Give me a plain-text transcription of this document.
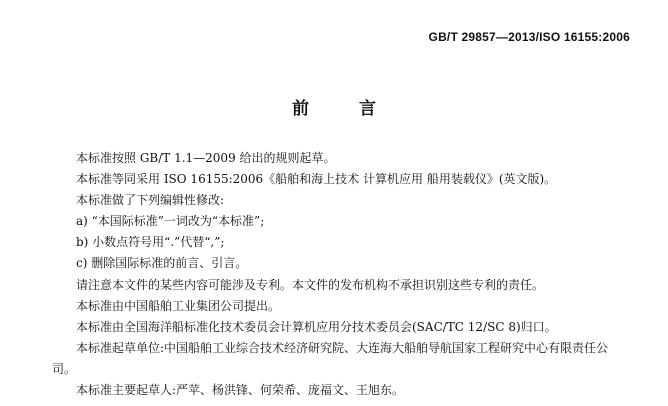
GB/T 29857—2013/ISO 16155:2006
前 言

本标准按照 GB/T 1.1—2009 给出的规则起草。

本标准等同采用 ISO 16155:2006《船舶和海上技术 计算机应用 船用装载仪》(英文版)。

本标准做了下列编辑性修改:

a) “本国际标准”一词改为“本标准”;

b) 小数点符号用“.”代替“,”;

c) 删除国际标准的前言、引言。

请注意本文件的某些内容可能涉及专利。本文件的发布机构不承担识别这些专利的责任。

本标准由中国船舶工业集团公司提出。

本标准由全国海洋船标准化技术委员会计算机应用分技术委员会(SAC/TC 12/SC 8)归口。

本标准起草单位:中国船舶工业综合技术经济研究院、大连海大船舶导航国家工程研究中心有限责任公司。

本标准主要起草人:严苹、杨洪锋、何荣希、庞福文、王旭东。
